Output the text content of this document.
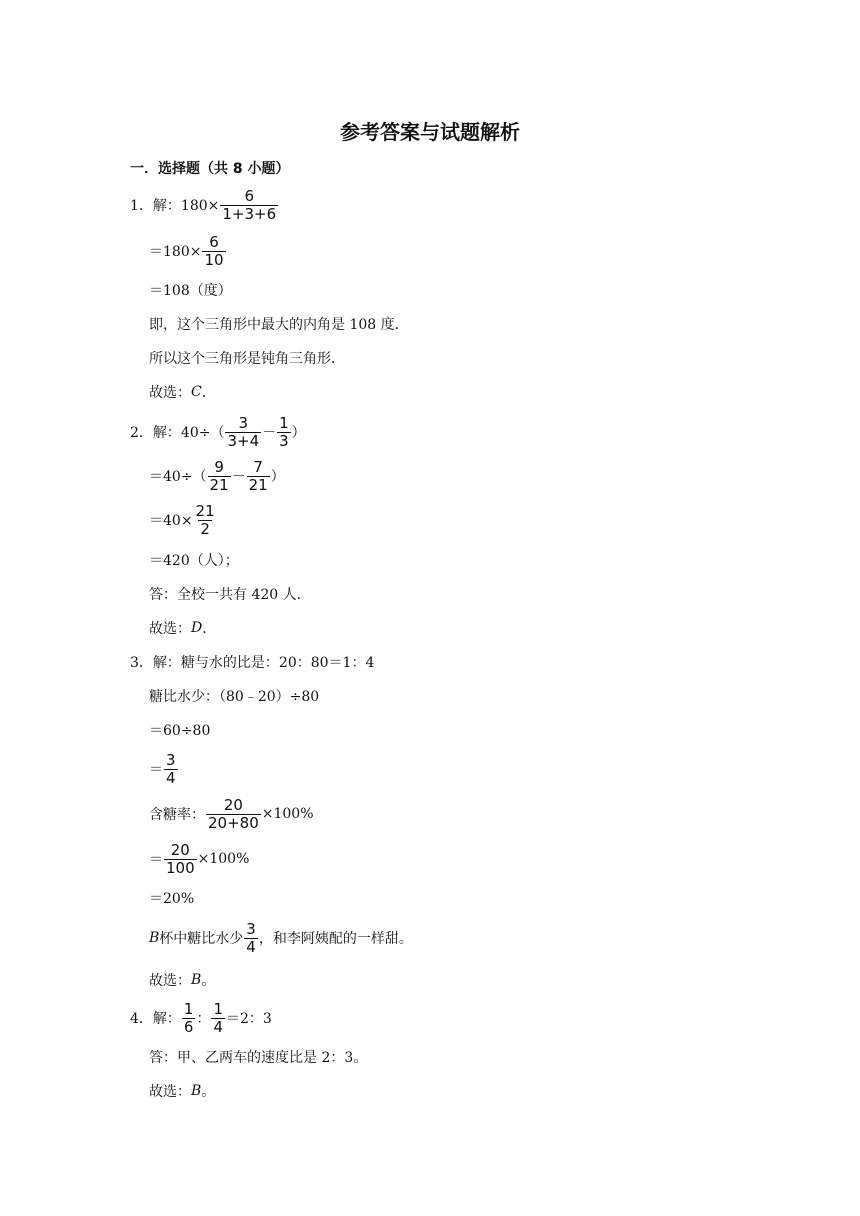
参考答案与试题解析
一．选择题（共 8 小题）
1． 解：$180\times \frac{6}{1+3+6}$
$=180\times \frac{6}{10}$
＝108（度）
即，这个三角形中最大的内角是 108 度．
所以这个三角形是钝角三角形．
故选： C ．
2． 解：$40\div( \frac{3}{3+4} - \frac{1}{3}$ ）
$=40\div( \frac{9}{21} - \frac{7}{21}$ ）
$=40\times \frac{21}{2}$
＝420（人）；
答：全校一共有 420 人．
故选： D ．
3． 解：糖与水的比是：20：80＝1：4
糖比水少：（80﹣20）÷80
＝60÷80
＝ $\frac{3}{4}$
含糖率： $\frac{20}{20+80} \times 100\%$
＝ $\frac{20}{100} \times 100\%$
＝20%
B 杯中糖比水少 $\frac{3}{4}$ ，和李阿姨配的一样甜。
故选： B 。
4． 解： $\frac{1}{6}$ ： $\frac{1}{4} =2$：3
答：甲、乙两车的速度比是 2：3。
故选： B 。
